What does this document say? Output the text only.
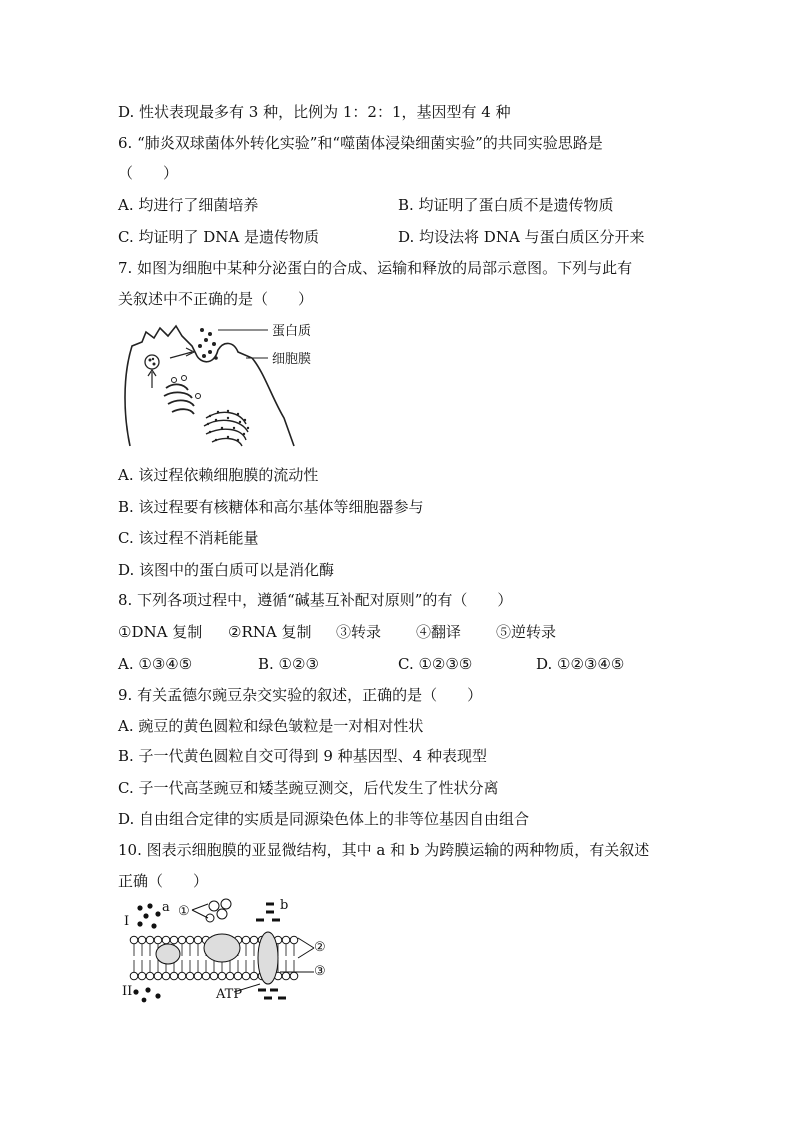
D. 性状表现最多有 3 种，比例为 1：2：1，基因型有 4 种
6. “肺炎双球菌体外转化实验”和“噬菌体浸染细菌实验”的共同实验思路是
（　　）
A. 均进行了细菌培养	B. 均证明了蛋白质不是遗传物质
C. 均证明了 DNA 是遗传物质	D. 均设法将 DNA 与蛋白质区分开来
7. 如图为细胞中某种分泌蛋白的合成、运输和释放的局部示意图。下列与此有
关叙述中不正确的是（　　）
蛋白质
细胞膜
A. 该过程依赖细胞膜的流动性
B. 该过程要有核糖体和高尔基体等细胞器参与
C. 该过程不消耗能量
D. 该图中的蛋白质可以是消化酶
8. 下列各项过程中，遵循“碱基互补配对原则”的有（　　）
①DNA 复制 ②RNA 复制 ③转录 ④翻译 ⑤逆转录
A. ①③④⑤	B. ①②③	C. ①②③⑤	D. ①②③④⑤
9. 有关孟德尔豌豆杂交实验的叙述，正确的是（　　）
A. 豌豆的黄色圆粒和绿色皱粒是一对相对性状
B. 子一代黄色圆粒自交可得到 9 种基因型、4 种表现型
C. 子一代高茎豌豆和矮茎豌豆测交，后代发生了性状分离
D. 自由组合定律的实质是同源染色体上的非等位基因自由组合
10. 图表示细胞膜的亚显微结构，其中 a 和 b 为跨膜运输的两种物质，有关叙述
正确（　　）
I
II
a	b
①
②
③
ATP
